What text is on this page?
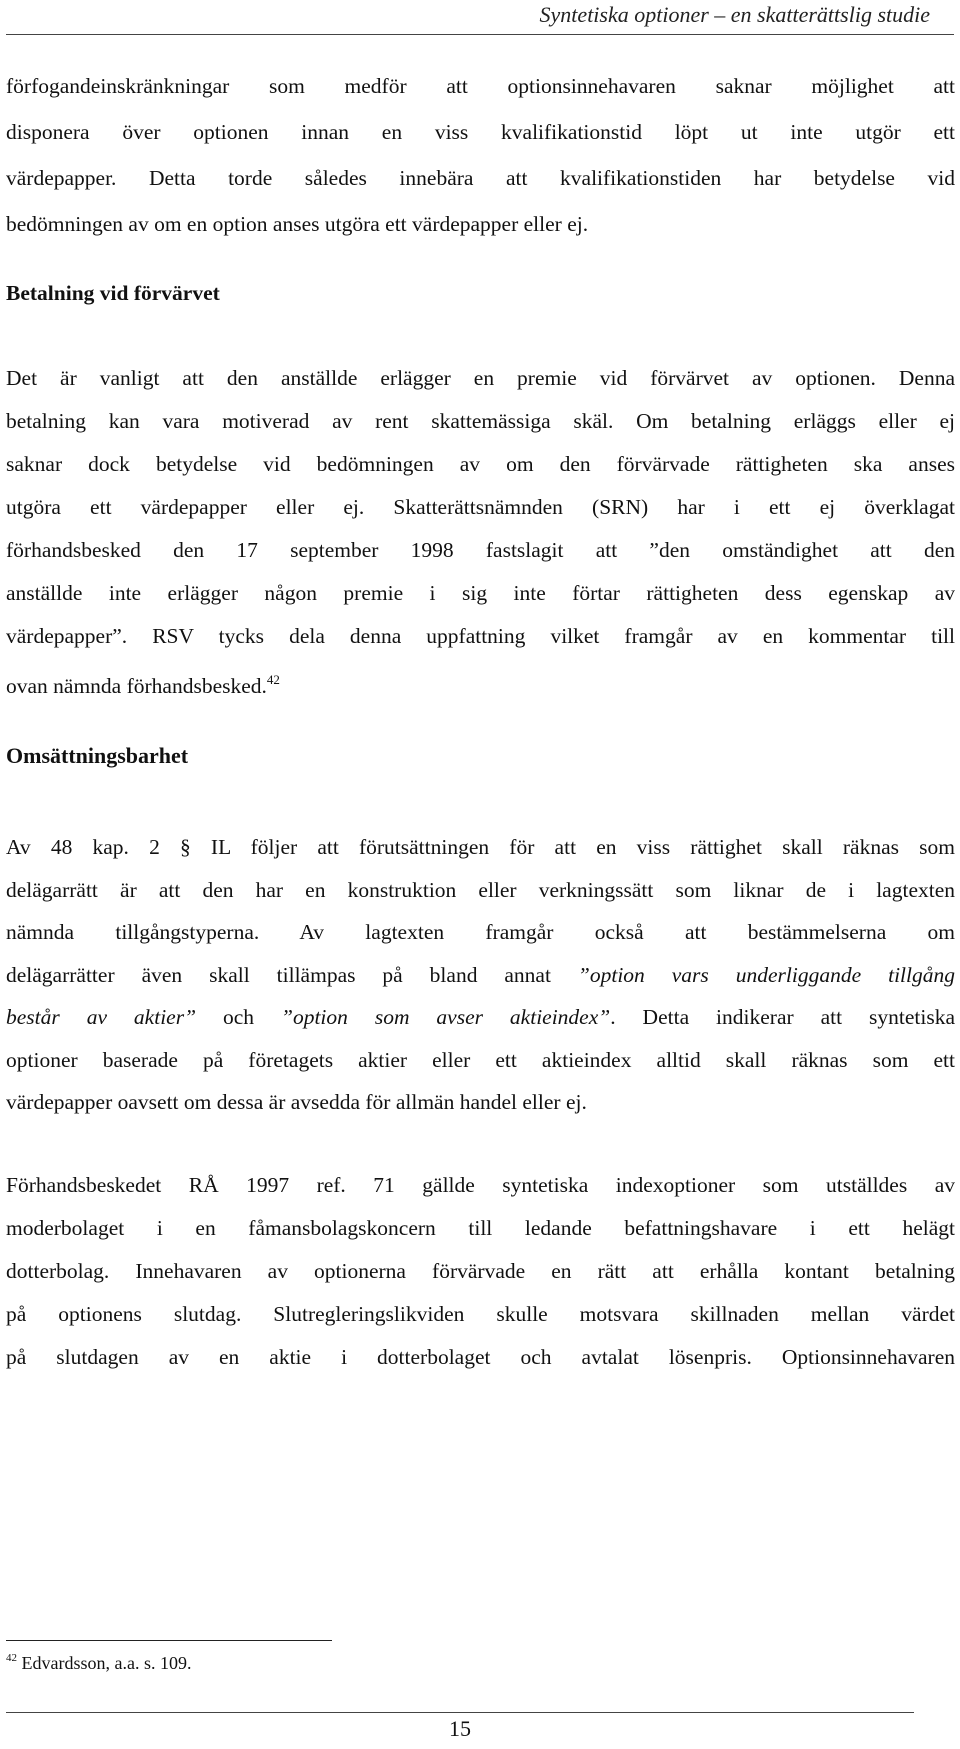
Syntetiska optioner – en skatterättslig studie
förfogandeinskränkningar som medför att optionsinnehavaren saknar möjlighet att
disponera över optionen innan en viss kvalifikationstid löpt ut inte utgör ett
värdepapper. Detta torde således innebära att kvalifikationstiden har betydelse vid
bedömningen av om en option anses utgöra ett värdepapper eller ej.
Betalning vid förvärvet
Det är vanligt att den anställde erlägger en premie vid förvärvet av optionen. Denna
betalning kan vara motiverad av rent skattemässiga skäl. Om betalning erläggs eller ej
saknar dock betydelse vid bedömningen av om den förvärvade rättigheten ska anses
utgöra ett värdepapper eller ej. Skatterättsnämnden (SRN) har i ett ej överklagat
förhandsbesked den 17 september 1998 fastslagit att ”den omständighet att den
anställde inte erlägger någon premie i sig inte förtar rättigheten dess egenskap av
värdepapper”. RSV tycks dela denna uppfattning vilket framgår av en kommentar till
ovan nämnda förhandsbesked.$^{42}$
Omsättningsbarhet
Av 48 kap. 2 § IL följer att förutsättningen för att en viss rättighet skall räknas som
delägarrätt är att den har en konstruktion eller verkningssätt som liknar de i lagtexten
nämnda tillgångstyperna. Av lagtexten framgår också att bestämmelserna om
delägarrätter även skall tillämpas på bland annat ”option vars underliggande tillgång
består av aktier” och ”option som avser aktieindex”. Detta indikerar att syntetiska
optioner baserade på företagets aktier eller ett aktieindex alltid skall räknas som ett
värdepapper oavsett om dessa är avsedda för allmän handel eller ej.
Förhandsbeskedet RÅ 1997 ref. 71 gällde syntetiska indexoptioner som utställdes av
moderbolaget i en fåmansbolagskoncern till ledande befattningshavare i ett helägt
dotterbolag. Innehavaren av optionerna förvärvade en rätt att erhålla kontant betalning
på optionens slutdag. Slutregleringslikviden skulle motsvara skillnaden mellan värdet
på slutdagen av en aktie i dotterbolaget och avtalat lösenpris. Optionsinnehavaren
$^{42}$ Edvardsson, a.a. s. 109.
15
